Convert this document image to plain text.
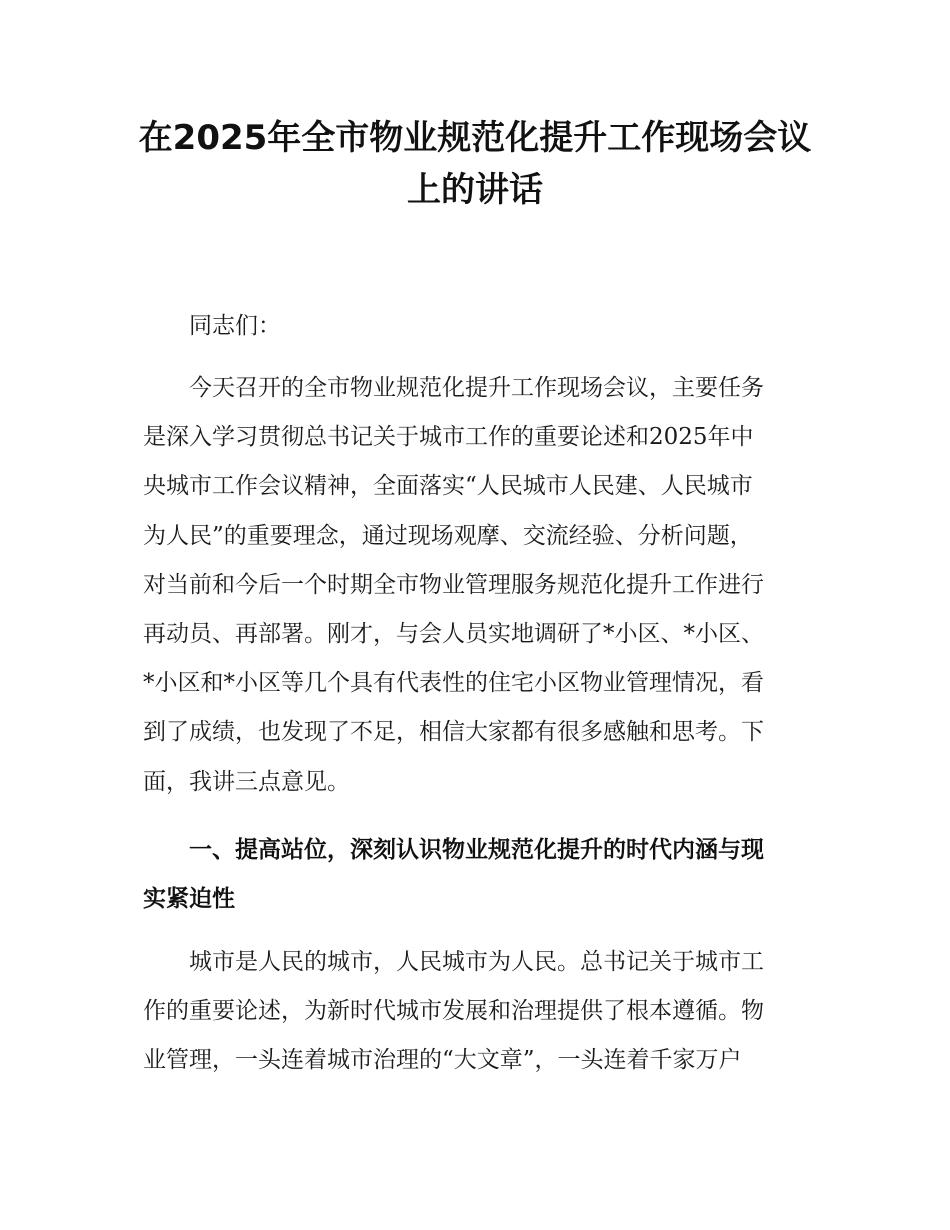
在2025年全市物业规范化提升工作现场会议
上的讲话

同志们：

今天召开的全市物业规范化提升工作现场会议，主要任务
是深入学习贯彻总书记关于城市工作的重要论述和2025年中
央城市工作会议精神，全面落实“人民城市人民建、人民城市
为人民”的重要理念，通过现场观摩、交流经验、分析问题，
对当前和今后一个时期全市物业管理服务规范化提升工作进行
再动员、再部署。刚才，与会人员实地调研了*小区、*小区、
*小区和*小区等几个具有代表性的住宅小区物业管理情况，看
到了成绩，也发现了不足，相信大家都有很多感触和思考。下
面，我讲三点意见。

一、提高站位，深刻认识物业规范化提升的时代内涵与现
实紧迫性

城市是人民的城市，人民城市为人民。总书记关于城市工
作的重要论述，为新时代城市发展和治理提供了根本遵循。物
业管理，一头连着城市治理的“大文章”，一头连着千家万户
